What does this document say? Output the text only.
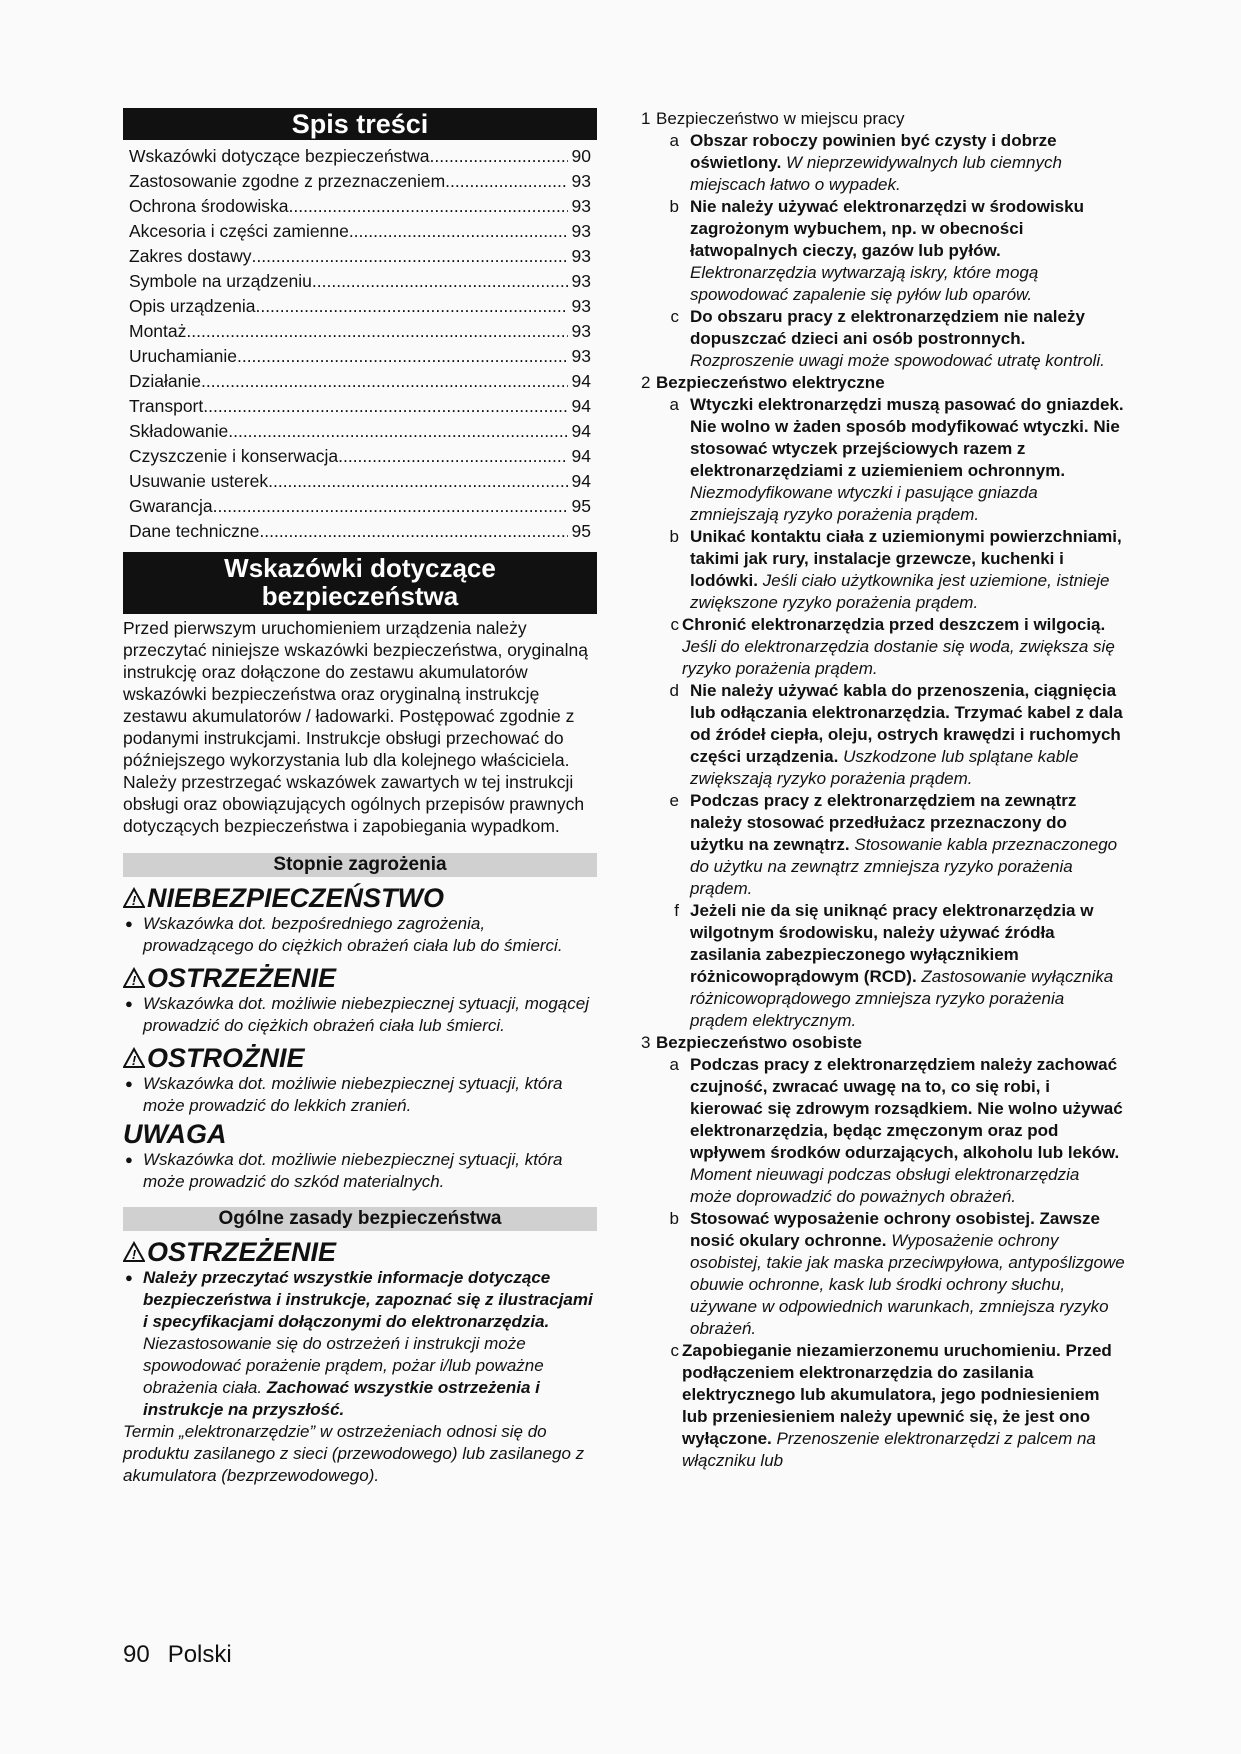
Spis treści
Wskazówki dotyczące bezpieczeństwa .....	90
Zastosowanie zgodne z przeznaczeniem .....	93
Ochrona środowiska .....	93
Akcesoria i części zamienne .....	93
Zakres dostawy .....	93
Symbole na urządzeniu .....	93
Opis urządzenia .....	93
Montaż .....	93
Uruchamianie .....	93
Działanie .....	94
Transport .....	94
Składowanie .....	94
Czyszczenie i konserwacja .....	94
Usuwanie usterek .....	94
Gwarancja .....	95
Dane techniczne .....	95
Wskazówki dotyczące
bezpieczeństwa
Przed pierwszym uruchomieniem urządzenia należy przeczytać niniejsze wskazówki bezpieczeństwa, oryginalną instrukcję oraz dołączone do zestawu akumulatorów wskazówki bezpieczeństwa oraz oryginalną instrukcję zestawu akumulatorów / ładowarki. Postępować zgodnie z podanymi instrukcjami. Instrukcje obsługi przechować do późniejszego wykorzystania lub dla kolejnego właściciela.
Należy przestrzegać wskazówek zawartych w tej instrukcji obsługi oraz obowiązujących ogólnych przepisów prawnych dotyczących bezpieczeństwa i zapobiegania wypadkom.
Stopnie zagrożenia
! NIEBEZPIECZEŃSTWO
● Wskazówka dot. bezpośredniego zagrożenia, prowadzącego do ciężkich obrażeń ciała lub do śmierci.
! OSTRZEŻENIE
● Wskazówka dot. możliwie niebezpiecznej sytuacji, mogącej prowadzić do ciężkich obrażeń ciała lub śmierci.
! OSTROŻNIE
● Wskazówka dot. możliwie niebezpiecznej sytuacji, która może prowadzić do lekkich zranień.
UWAGA
● Wskazówka dot. możliwie niebezpiecznej sytuacji, która może prowadzić do szkód materialnych.
Ogólne zasady bezpieczeństwa
! OSTRZEŻENIE
● Należy przeczytać wszystkie informacje dotyczące bezpieczeństwa i instrukcje, zapoznać się z ilustracjami i specyfikacjami dołączonymi do elektronarzędzia.
Niezastosowanie się do ostrzeżeń i instrukcji może spowodować porażenie prądem, pożar i/lub poważne obrażenia ciała. Zachować wszystkie ostrzeżenia i instrukcje na przyszłość.
Termin „elektronarzędzie” w ostrzeżeniach odnosi się do produktu zasilanego z sieci (przewodowego) lub zasilanego z akumulatora (bezprzewodowego).
1 Bezpieczeństwo w miejscu pracy
a Obszar roboczy powinien być czysty i dobrze oświetlony. W nieprzewidywalnych lub ciemnych miejscach łatwo o wypadek.
b Nie należy używać elektronarzędzi w środowisku zagrożonym wybuchem, np. w obecności łatwopalnych cieczy, gazów lub pyłów. Elektronarzędzia wytwarzają iskry, które mogą spowodować zapalenie się pyłów lub oparów.
c Do obszaru pracy z elektronarzędziem nie należy dopuszczać dzieci ani osób postronnych. Rozproszenie uwagi może spowodować utratę kontroli.
2 Bezpieczeństwo elektryczne
a Wtyczki elektronarzędzi muszą pasować do gniazdek. Nie wolno w żaden sposób modyfikować wtyczki. Nie stosować wtyczek przejściowych razem z elektronarzędziami z uziemieniem ochronnym. Niezmodyfikowane wtyczki i pasujące gniazda zmniejszają ryzyko porażenia prądem.
b Unikać kontaktu ciała z uziemionymi powierzchniami, takimi jak rury, instalacje grzewcze, kuchenki i lodówki. Jeśli ciało użytkownika jest uziemione, istnieje zwiększone ryzyko porażenia prądem.
c Chronić elektronarzędzia przed deszczem i wilgocią. Jeśli do elektronarzędzia dostanie się woda, zwiększa się ryzyko porażenia prądem.
d Nie należy używać kabla do przenoszenia, ciągnięcia lub odłączania elektronarzędzia. Trzymać kabel z dala od źródeł ciepła, oleju, ostrych krawędzi i ruchomych części urządzenia. Uszkodzone lub splątane kable zwiększają ryzyko porażenia prądem.
e Podczas pracy z elektronarzędziem na zewnątrz należy stosować przedłużacz przeznaczony do użytku na zewnątrz. Stosowanie kabla przeznaczonego do użytku na zewnątrz zmniejsza ryzyko porażenia prądem.
f Jeżeli nie da się uniknąć pracy elektronarzędzia w wilgotnym środowisku, należy używać źródła zasilania zabezpieczonego wyłącznikiem różnicowoprądowym (RCD). Zastosowanie wyłącznika różnicowoprądowego zmniejsza ryzyko porażenia prądem elektrycznym.
3 Bezpieczeństwo osobiste
a Podczas pracy z elektronarzędziem należy zachować czujność, zwracać uwagę na to, co się robi, i kierować się zdrowym rozsądkiem. Nie wolno używać elektronarzędzia, będąc zmęczonym oraz pod wpływem środków odurzających, alkoholu lub leków. Moment nieuwagi podczas obsługi elektronarzędzia może doprowadzić do poważnych obrażeń.
b Stosować wyposażenie ochrony osobistej. Zawsze nosić okulary ochronne. Wyposażenie ochrony osobistej, takie jak maska przeciwpyłowa, antypoślizgowe obuwie ochronne, kask lub środki ochrony słuchu, używane w odpowiednich warunkach, zmniejsza ryzyko obrażeń.
c Zapobieganie niezamierzonemu uruchomieniu. Przed podłączeniem elektronarzędzia do zasilania elektrycznego lub akumulatora, jego podniesieniem lub przeniesieniem należy upewnić się, że jest ono wyłączone. Przenoszenie elektronarzędzi z palcem na włączniku lub
90 Polski
